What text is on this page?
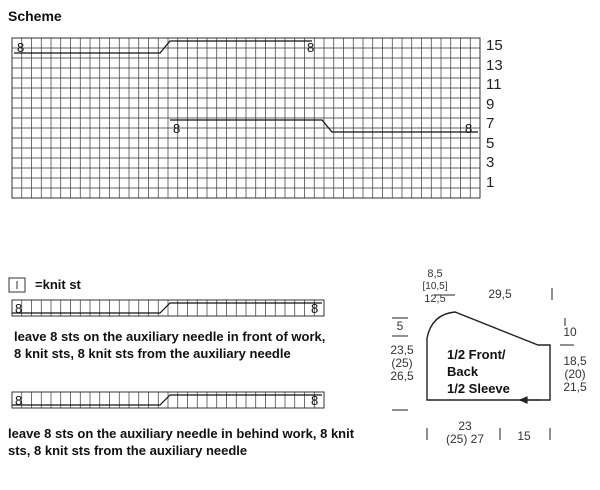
8	8
8	8
8	8
8	8
Scheme
15
13
11
9
7
5
3
1
=knit st
leave 8 sts on the auxiliary needle in front of work, 8 knit sts, 8 knit sts from the auxiliary needle
leave 8 sts on the auxiliary needle in behind work, 8 knit sts, 8 knit sts from the auxiliary needle
8,5
[10,5]
12,5	29,5
5
23,5
(25)
26,5
10
18,5
(20)
21,5
23
(25) 27	15
1/2 Front/
Back
1/2 Sleeve
